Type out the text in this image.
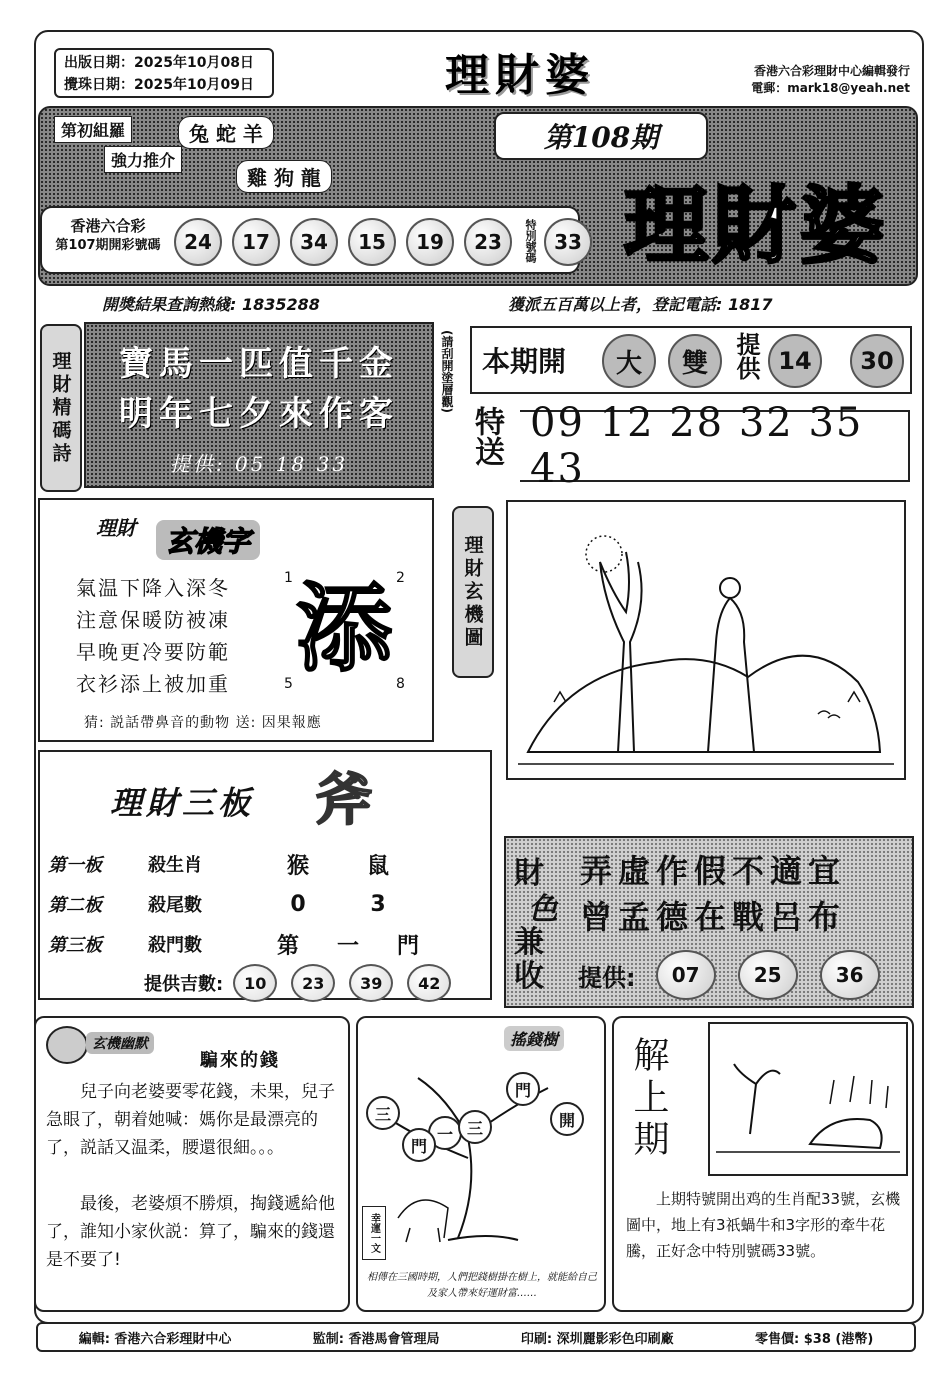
出版日期：2025年10月08日
攪珠日期：2025年10月09日	理財婆	香港六合彩理財中心編輯發行
電郵：mark18@yeah.net
第初組羅	兔 蛇 羊
強力推介
雞 狗 龍
第108期
理財婆
香港六合彩
第107期開彩號碼	24	17	34	15	19	23	特別號碼 33
開獎結果查詢熱綫: 1835288	獲派五百萬以上者，登記電話: 1817
理財精碼詩	寶馬一匹值千金
明年七夕來作客
提供: 05 18 33
(請刮開塗層觀) 本期開	大	雙	提供 14	30
特送 09 12 28 32 35 43
理財	玄機字
氣温下降入深冬
注意保暖防被凍
早晚更冷要防範
衣衫添上被加重
1	2
5	8
添
猜: 説話帶鼻音的動物 送: 因果報應
理財玄機圖
理財三板 斧
第一板	殺生肖	猴	鼠
第二板	殺尾數	0	3
第三板	殺門數	第	一	門
提供吉數:	10	23	39	42
財
色
兼收
弄虛作假不適宜
曾孟德在戰呂布
提供:	07	25	36
玄機幽默
騙來的錢
兒子向老婆要零花錢，未果，兒子急眼了，朝着她喊：媽你是最漂亮的了，説話又温柔，腰還很細。。。
最後，老婆煩不勝煩，掏錢遞給他了，誰知小家伙説：算了，騙來的錢還是不要了!
搖錢樹
三
門
開
一
門
三
幸運一文
相傳在三國時期，人們把錢樹掛在樹上，就能給自己及家人帶來好運財富……
解上期
上期特號開出鸡的生肖配33號，玄機圖中，地上有3祇蝸牛和3字形的牽牛花騰，正好念中特別號碼33號。
編輯: 香港六合彩理財中心	監制: 香港馬會管理局	印刷: 深圳麗影彩色印刷廠	零售價: $38 (港幣)
